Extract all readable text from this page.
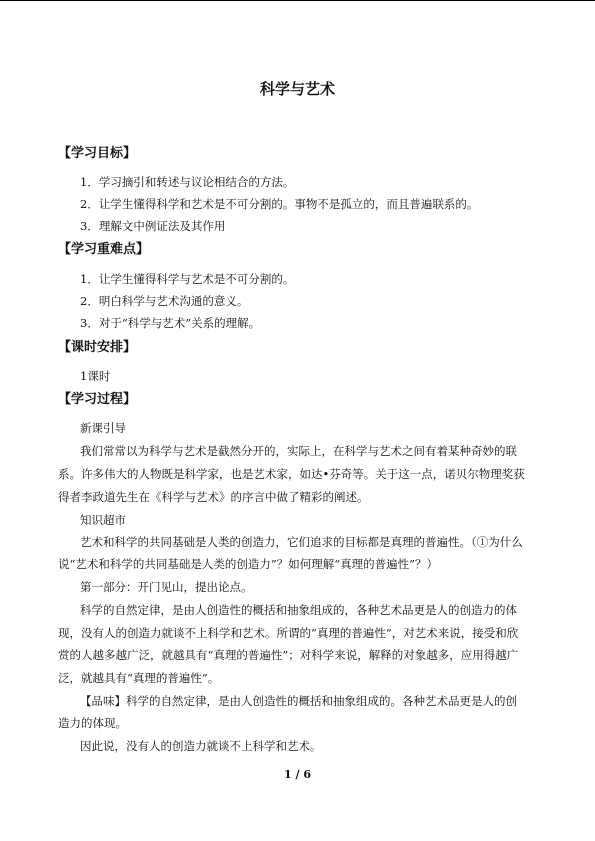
科学与艺术
【学习目标】
1．学习摘引和转述与议论相结合的方法。
2．让学生懂得科学和艺术是不可分割的。事物不是孤立的，而且普遍联系的。
3．理解文中例证法及其作用
【学习重难点】
1．让学生懂得科学与艺术是不可分割的。
2．明白科学与艺术沟通的意义。
3．对于“科学与艺术”关系的理解。
【课时安排】
1课时
【学习过程】
新课引导
我们常常以为科学与艺术是截然分开的，实际上，在科学与艺术之间有着某种奇妙的联
系。许多伟大的人物既是科学家，也是艺术家，如达•芬奇等。关于这一点，诺贝尔物理奖获
得者李政道先生在《科学与艺术》的序言中做了精彩的阐述。
知识超市
艺术和科学的共同基础是人类的创造力，它们追求的目标都是真理的普遍性。（①为什么
说“艺术和科学的共同基础是人类的创造力”？如何理解“真理的普遍性”？）
第一部分：开门见山，提出论点。
科学的自然定律，是由人创造性的概括和抽象组成的，各种艺术品更是人的创造力的体
现，没有人的创造力就谈不上科学和艺术。所谓的“真理的普遍性”，对艺术来说，接受和欣
赏的人越多越广泛，就越具有“真理的普遍性”；对科学来说，解释的对象越多，应用得越广
泛，就越具有“真理的普遍性”。
【品味】科学的自然定律，是由人创造性的概括和抽象组成的。各种艺术品更是人的创
造力的体现。
因此说，没有人的创造力就谈不上科学和艺术。
1 / 6
